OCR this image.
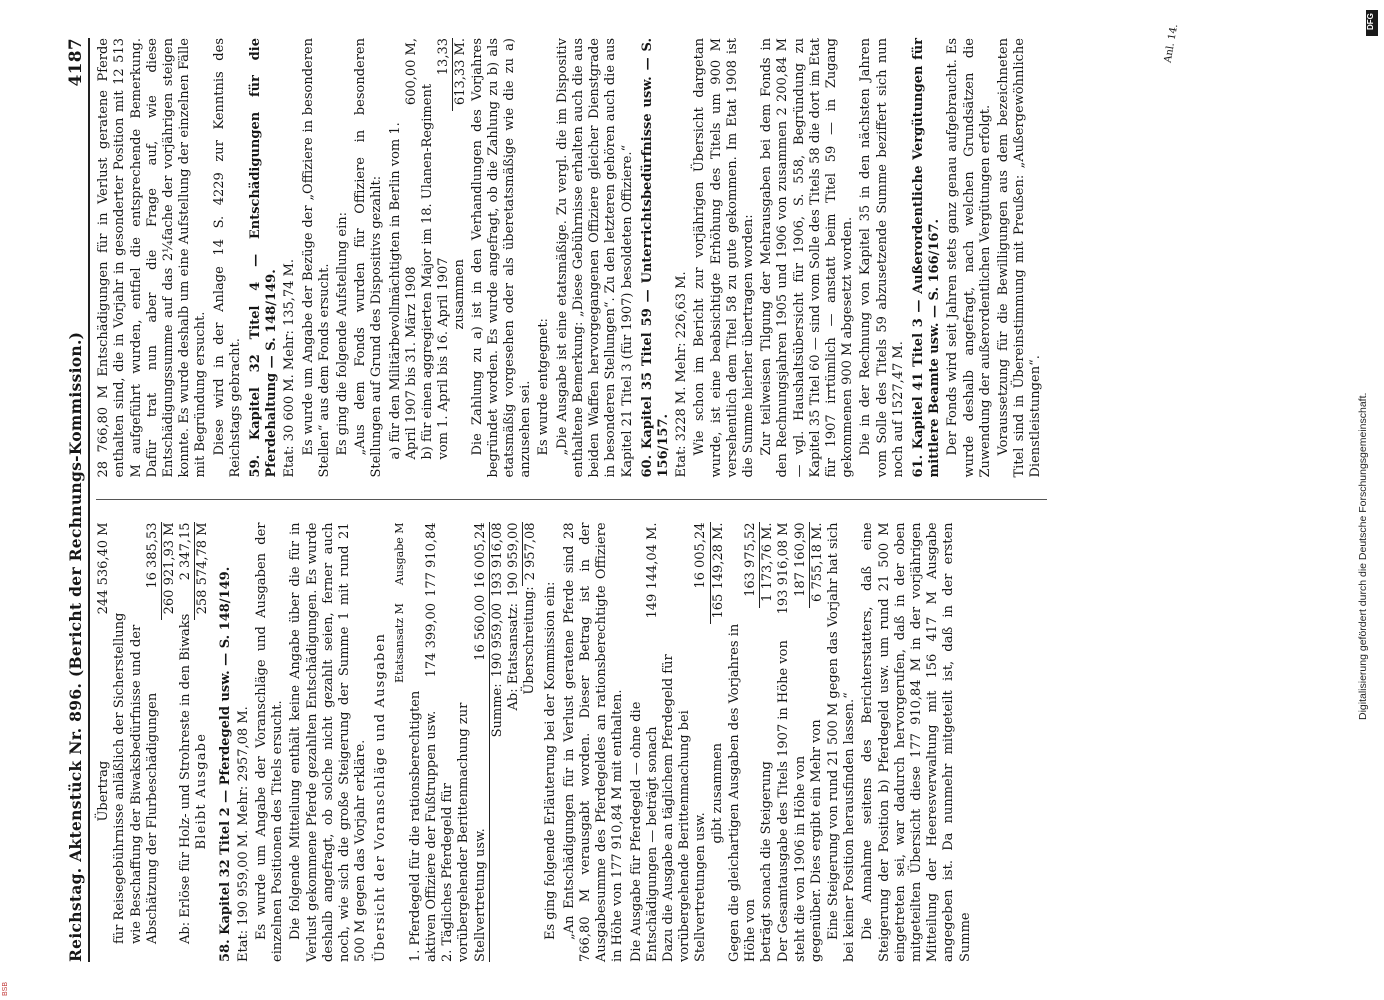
Reichstag. Aktenstück Nr. 896. (Bericht der Rechnungs-Kommission.)
4187
Übertrag
244 536,40 M
für Reisegebührnisse anläßlich der Sicherstellung wie Beschaffung der Biwaksbedürfnisse und der Abschätzung der Flurbeschädigungen
16 385,53 260 921,93 M
Ab: Erlöse für Holz- und Strohreste in den Biwaks
2 347,15
Bleibt Ausgabe
258 574,78 M 58. Kapitel 32 Titel 2 — Pferdegeld usw. — S. 148/149. Etat: 190 959,00 M. Mehr: 2957,08 M. Es wurde um Angabe der Voranschläge und Ausgaben der einzelnen Positionen des Titels ersucht. Die folgende Mitteilung enthält keine Angabe über die für in Verlust gekommene Pferde gezahlten Entschädigungen. Es wurde deshalb angefragt, ob solche nicht gezahlt seien, ferner auch noch, wie sich die große Steigerung der Summe 1 mit rund 21 500 M gegen das Vorjahr erkläre. Übersicht der Voranschläge und Ausgaben Etatsansatz M
Ausgabe M
1. Pferdegeld für die rationsberechtigten aktiven Offiziere der Fußtruppen usw.
174 399,00
177 910,84
2. Tägliches Pferdegeld für vorübergehender Berittenmachung zur Stellvertretung usw.
16 560,00
16 005,24
Summe:
190 959,00
193 916,08
Ab: Etatsansatz:
190 959,00
Überschreitung:
2 957,08

Es ging folgende Erläuterung bei der Kommission ein: „An Entschädigungen für in Verlust geratene Pferde sind 28 766,80 M verausgabt worden. Dieser Betrag ist in der Ausgabesumme des Pferdegeldes an rationsberechtigte Offiziere in Höhe von 177 910,84 M mit enthalten. Die Ausgabe für Pferdegeld — ohne die Entschädigungen — beträgt sonach
149 144,04 M.
Dazu die Ausgabe an täglichem Pferdegeld für vorübergehende Berittenmachung bei Stellvertretungen usw.
16 005,24
gibt zusammen
165 149,28 M.
Gegen die gleichartigen Ausgaben des Vorjahres in Höhe von
163 975,52
beträgt sonach die Steigerung
1 173,76 M.
Der Gesamtausgabe des Titels 1907 in Höhe von
193 916,08 M
steht die von 1906 in Höhe von
187 160,90
gegenüber. Dies ergibt ein Mehr von
6 755,18 M. Eine Steigerung von rund 21 500 M gegen das Vorjahr hat sich bei keiner Position herausfinden lassen.“ Die Annahme seitens des Berichterstatters, daß eine Steigerung der Position b) Pferdegeld usw. um rund 21 500 M eingetreten sei, war dadurch hervorgerufen, daß in der oben mitgeteilten Übersicht diese 177 910,84 M in der vorjährigen Mitteilung der Heeresverwaltung mit 156 417 M Ausgabe angegeben ist. Da nunmehr mitgeteilt ist, daß in der ersten Summe

28 766,80 M Entschädigungen für in Verlust geratene Pferde enthalten sind, die in Vorjahr in gesonderter Position mit 12 513 M aufgeführt wurden, entfiel die entsprechende Bemerkung. Dafür trat nun aber die Frage auf, wie diese Entschädigungssumme auf das 2¼fache der vorjährigen steigen konnte. Es wurde deshalb um eine Aufstellung der einzelnen Fälle mit Begründung ersucht. Diese wird in der Anlage 14 S. 4229 zur Kenntnis des Reichstags gebracht. 59. Kapitel 32 Titel 4 — Entschädigungen für die Pferdehaltung — S. 148/149. Etat: 30 600 M. Mehr: 135,74 M. Es wurde um Angabe der Bezüge der „Offiziere in besonderen Stellen“ aus dem Fonds ersucht. Es ging die folgende Aufstellung ein: „Aus dem Fonds wurden für Offiziere in besonderen Stellungen auf Grund des Dispositivs gezahlt: a) für den Militärbevollmächtigten in Berlin vom 1. April 1907 bis 31. März 1908
600,00 M,
b) für einen aggregierten Major im 18. Ulanen-Regiment vom 1. April bis 16. April 1907
13,33
zusammen
613,33 M. Die Zahlung zu a) ist in den Verhandlungen des Vorjahres begründet worden. Es wurde angefragt, ob die Zahlung zu b) als etatsmäßig vorgesehen oder als überetatsmäßige wie die zu a) anzusehen sei. Es wurde entgegnet: „Die Ausgabe ist eine etatsmäßige. Zu vergl. die im Dispositiv enthaltene Bemerkung: „Diese Gebührnisse erhalten auch die aus beiden Waffen hervorgegangenen Offiziere gleicher Dienstgrade in besonderen Stellungen“. Zu den letzteren gehören auch die aus Kapitel 21 Titel 3 (für 1907) besoldeten Offiziere.“ 60. Kapitel 35 Titel 59 — Unterrichtsbedürfnisse usw. — S. 156/157. Etat: 3228 M. Mehr: 226,63 M. Wie schon im Bericht zur vorjährigen Übersicht dargetan wurde, ist eine beabsichtigte Erhöhung des Titels um 900 M versehentlich dem Titel 58 zu gute gekommen. Im Etat 1908 ist die Summe hierher übertragen worden: Zur teilweisen Tilgung der Mehrausgaben bei dem Fonds in den Rechnungsjahren 1905 und 1906 von zusammen 2 200,84 M — vgl. Haushaltsübersicht für 1906, S. 558, Begründung zu Kapitel 35 Titel 60 — sind vom Solle des Titels 58 die dort im Etat für 1907 irrtümlich — anstatt beim Titel 59 — in Zugang gekommenen 900 M abgesetzt worden. Die in der Rechnung von Kapitel 35 in den nächsten Jahren vom Solle des Titels 59 abzusetzende Summe beziffert sich nun noch auf 1527,47 M. 61. Kapitel 41 Titel 3 — Außerordentliche Vergütungen für mittlere Beamte usw. — S. 166/167. Der Fonds wird seit Jahren stets ganz genau aufgebraucht. Es wurde deshalb angefragt, nach welchen Grundsätzen die Zuwendung der außerordentlichen Vergütungen erfolgt. Voraussetzung für die Bewilligungen aus dem bezeichneten Titel sind in Übereinstimmung mit Preußen: „Außergewöhnliche Dienstleistungen“.

Anl. 14.
Digitalisierung gefördert durch die Deutsche Forschungsgemeinschaft.
DFG
BSB
